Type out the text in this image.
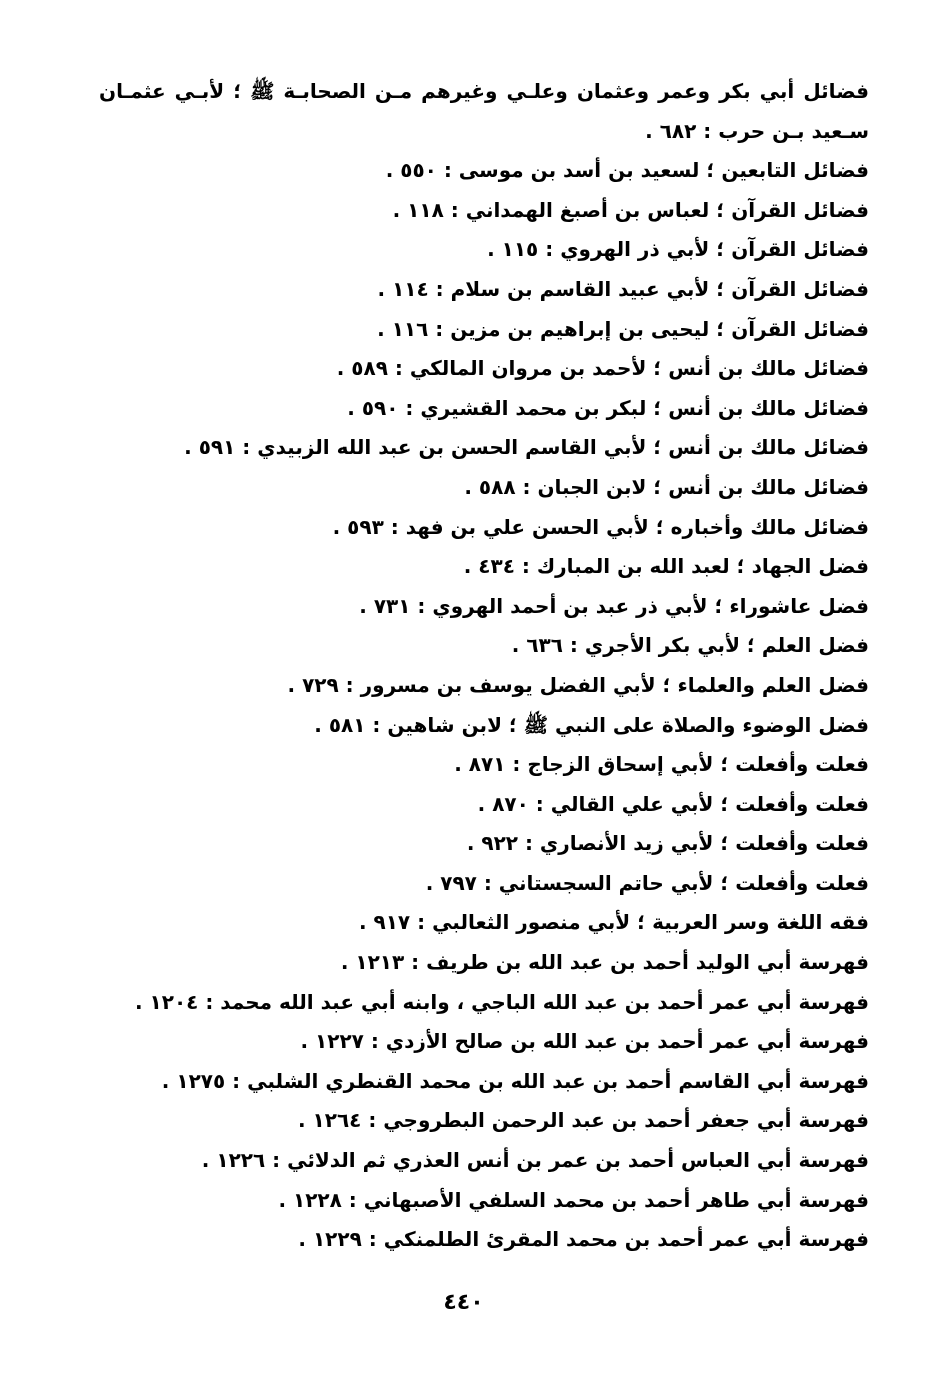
فضائل أبي بكر وعمر وعثمان وعلـي وغيرهم مـن الصحابـة ﷺ ؛ لأبـي عثمـان سـعيد بـن حرب : ٦٨٢ .
فضائل التابعين ؛ لسعيد بن أسد بن موسى : ٥٥٠ .
فضائل القرآن ؛ لعباس بن أصبغ الهمداني : ١١٨ .
فضائل القرآن ؛ لأبي ذر الهروي : ١١٥ .
فضائل القرآن ؛ لأبي عبيد القاسم بن سلام : ١١٤ .
فضائل القرآن ؛ ليحيى بن إبراهيم بن مزين : ١١٦ .
فضائل مالك بن أنس ؛ لأحمد بن مروان المالكي : ٥٨٩ .
فضائل مالك بن أنس ؛ لبكر بن محمد القشيري : ٥٩٠ .
فضائل مالك بن أنس ؛ لأبي القاسم الحسن بن عبد الله الزبيدي : ٥٩١ .
فضائل مالك بن أنس ؛ لابن الجبان : ٥٨٨ .
فضائل مالك وأخباره ؛ لأبي الحسن علي بن فهد : ٥٩٣ .
فضل الجهاد ؛ لعبد الله بن المبارك : ٤٣٤ .
فضل عاشوراء ؛ لأبي ذر عبد بن أحمد الهروي : ٧٣١ .
فضل العلم ؛ لأبي بكر الأجري : ٦٣٦ .
فضل العلم والعلماء ؛ لأبي الفضل يوسف بن مسرور : ٧٢٩ .
فضل الوضوء والصلاة على النبي ﷺ ؛ لابن شاهين : ٥٨١ .
فعلت وأفعلت ؛ لأبي إسحاق الزجاج : ٨٧١ .
فعلت وأفعلت ؛ لأبي علي القالي : ٨٧٠ .
فعلت وأفعلت ؛ لأبي زيد الأنصاري : ٩٢٢ .
فعلت وأفعلت ؛ لأبي حاتم السجستاني : ٧٩٧ .
فقه اللغة وسر العربية ؛ لأبي منصور الثعالبي : ٩١٧ .
فهرسة أبي الوليد أحمد بن عبد الله بن طريف : ١٢١٣ .
فهرسة أبي عمر أحمد بن عبد الله الباجي ، وابنه أبي عبد الله محمد : ١٢٠٤ .
فهرسة أبي عمر أحمد بن عبد الله بن صالح الأزدي : ١٢٢٧ .
فهرسة أبي القاسم أحمد بن عبد الله بن محمد القنطري الشلبي : ١٢٧٥ .
فهرسة أبي جعفر أحمد بن عبد الرحمن البطروجي : ١٢٦٤ .
فهرسة أبي العباس أحمد بن عمر بن أنس العذري ثم الدلائي : ١٢٢٦ .
فهرسة أبي طاهر أحمد بن محمد السلفي الأصبهاني : ١٢٢٨ .
فهرسة أبي عمر أحمد بن محمد المقرئ الطلمنكي : ١٢٢٩ .
٤٤٠
